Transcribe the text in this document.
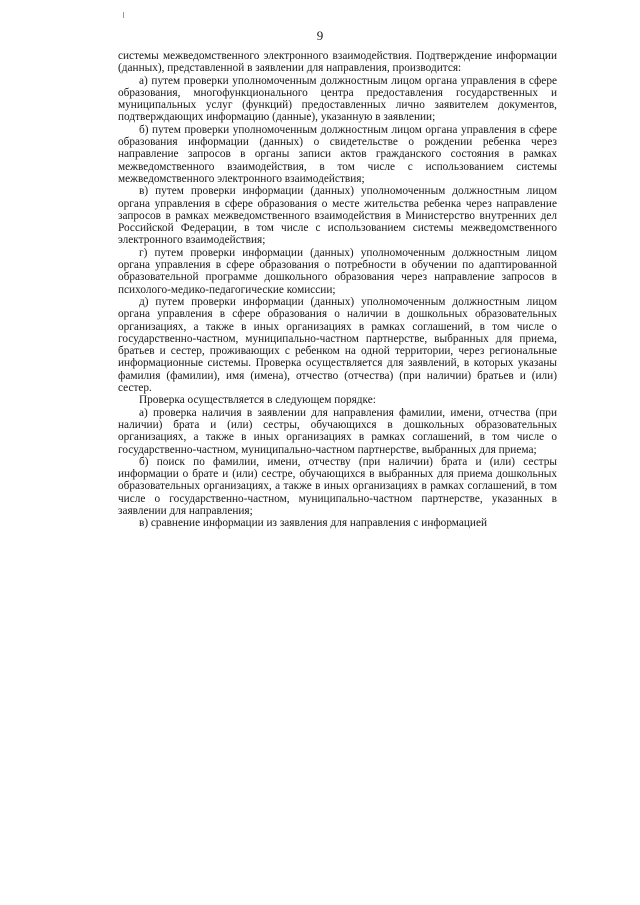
9

системы межведомственного электронного взаимодействия. Подтверждение информации (данных), представленной в заявлении для направления, производится:

а) путем проверки уполномоченным должностным лицом органа управления в сфере образования, многофункционального центра предоставления государственных и муниципальных услуг (функций) предоставленных лично заявителем документов, подтверждающих информацию (данные), указанную в заявлении;

б) путем проверки уполномоченным должностным лицом органа управления в сфере образования информации (данных) о свидетельстве о рождении ребенка через направление запросов в органы записи актов гражданского состояния в рамках межведомственного взаимодействия, в том числе с использованием системы межведомственного электронного взаимодействия;

в) путем проверки информации (данных) уполномоченным должностным лицом органа управления в сфере образования о месте жительства ребенка через направление запросов в рамках межведомственного взаимодействия в Министерство внутренних дел Российской Федерации, в том числе с использованием системы межведомственного электронного взаимодействия;

г) путем проверки информации (данных) уполномоченным должностным лицом органа управления в сфере образования о потребности в обучении по адаптированной образовательной программе дошкольного образования через направление запросов в психолого-медико-педагогические комиссии;

д) путем проверки информации (данных) уполномоченным должностным лицом органа управления в сфере образования о наличии в дошкольных образовательных организациях, а также в иных организациях в рамках соглашений, в том числе о государственно-частном, муниципально-частном партнерстве, выбранных для приема, братьев и сестер, проживающих с ребенком на одной территории, через региональные информационные системы. Проверка осуществляется для заявлений, в которых указаны фамилия (фамилии), имя (имена), отчество (отчества) (при наличии) братьев и (или) сестер.

Проверка осуществляется в следующем порядке:

а) проверка наличия в заявлении для направления фамилии, имени, отчества (при наличии) брата и (или) сестры, обучающихся в дошкольных образовательных организациях, а также в иных организациях в рамках соглашений, в том числе о государственно-частном, муниципально-частном партнерстве, выбранных для приема;

б) поиск по фамилии, имени, отчеству (при наличии) брата и (или) сестры информации о брате и (или) сестре, обучающихся в выбранных для приема дошкольных образовательных организациях, а также в иных организациях в рамках соглашений, в том числе о государственно-частном, муниципально-частном партнерстве, указанных в заявлении для направления;

в) сравнение информации из заявления для направления с информацией
